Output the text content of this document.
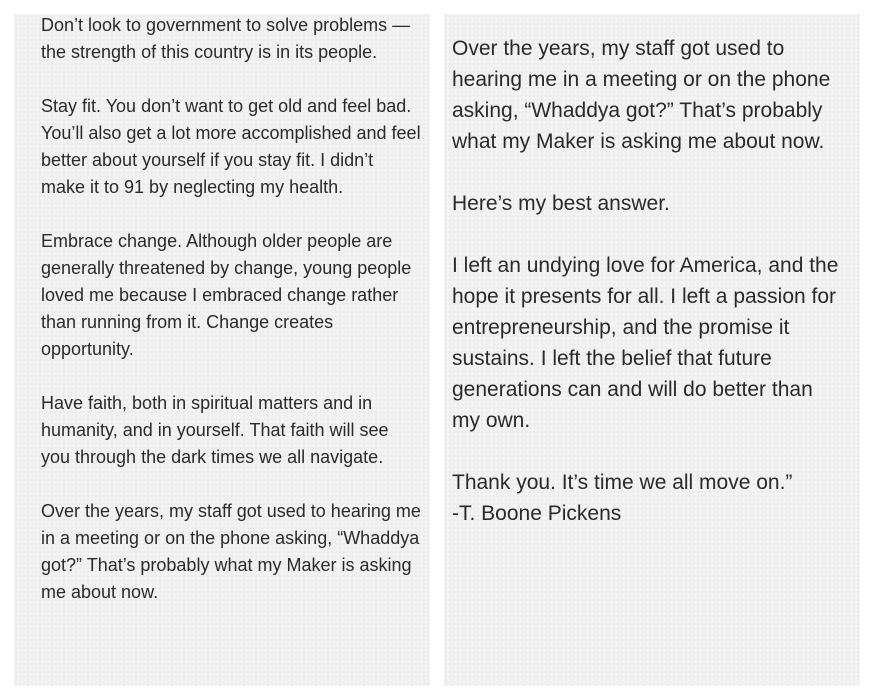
Don’t look to government to solve problems — the strength of this country is in its people.

Stay fit. You don’t want to get old and feel bad. You’ll also get a lot more accomplished and feel better about yourself if you stay fit. I didn’t make it to 91 by neglecting my health.

Embrace change. Although older people are generally threatened by change, young people loved me because I embraced change rather than running from it. Change creates opportunity.

Have faith, both in spiritual matters and in humanity, and in yourself. That faith will see you through the dark times we all navigate.

Over the years, my staff got used to hearing me in a meeting or on the phone asking, “Whaddya got?” That’s probably what my Maker is asking me about now.

Over the years, my staff got used to
hearing me in a meeting or on the phone
asking, “Whaddya got?” That’s probably
what my Maker is asking me about now.

Here’s my best answer.

I left an undying love for America, and the
hope it presents for all. I left a passion for
entrepreneurship, and the promise it
sustains. I left the belief that future
generations can and will do better than
my own.

Thank you. It’s time we all move on.”

-T. Boone Pickens
